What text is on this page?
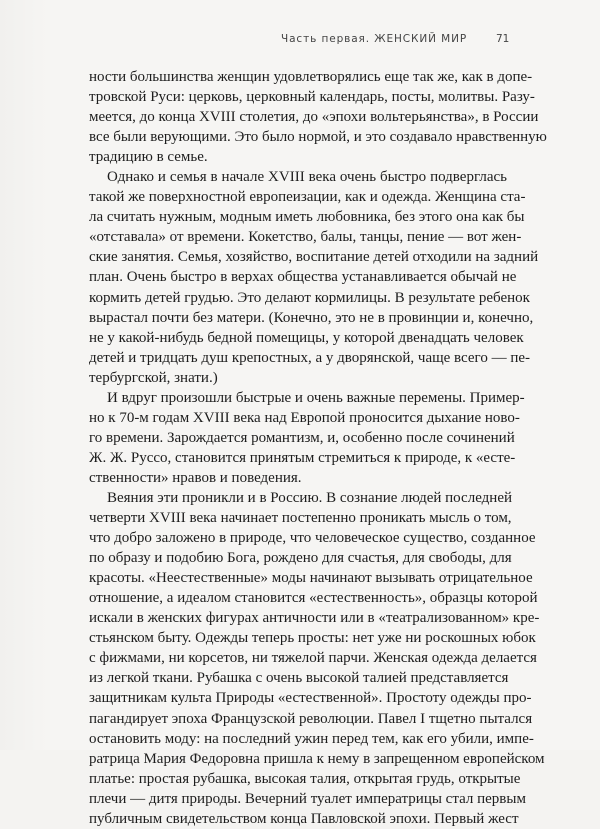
Часть первая. ЖЕНСКИЙ МИР	71
ности большинства женщин удовлетворялись еще так же, как в допе-
тровской Руси: церковь, церковный календарь, посты, молитвы. Разу-
меется, до конца XVIII столетия, до «эпохи вольтерьянства», в России
все были верующими. Это было нормой, и это создавало нравственную
традицию в семье.
Однако и семья в начале XVIII века очень быстро подверглась
такой же поверхностной европеизации, как и одежда. Женщина ста-
ла считать нужным, модным иметь любовника, без этого она как бы
«отставала» от времени. Кокетство, балы, танцы, пение — вот жен-
ские занятия. Семья, хозяйство, воспитание детей отходили на задний
план. Очень быстро в верхах общества устанавливается обычай не
кормить детей грудью. Это делают кормилицы. В результате ребенок
вырастал почти без матери. (Конечно, это не в провинции и, конечно,
не у какой-нибудь бедной помещицы, у которой двенадцать человек
детей и тридцать душ крепостных, а у дворянской, чаще всего — пе-
тербургской, знати.)
И вдруг произошли быстрые и очень важные перемены. Пример-
но к 70-м годам XVIII века над Европой проносится дыхание ново-
го времени. Зарождается романтизм, и, особенно после сочинений
Ж. Ж. Руссо, становится принятым стремиться к природе, к «есте-
ственности» нравов и поведения.
Веяния эти проникли и в Россию. В сознание людей последней
четверти XVIII века начинает постепенно проникать мысль о том,
что добро заложено в природе, что человеческое существо, созданное
по образу и подобию Бога, рождено для счастья, для свободы, для
красоты. «Неестественные» моды начинают вызывать отрицательное
отношение, а идеалом становится «естественность», образцы которой
искали в женских фигурах античности или в «театрализованном» кре-
стьянском быту. Одежды теперь просты: нет уже ни роскошных юбок
с фижмами, ни корсетов, ни тяжелой парчи. Женская одежда делается
из легкой ткани. Рубашка с очень высокой талией представляется
защитникам культа Природы «естественной». Простоту одежды про-
пагандирует эпоха Французской революции. Павел I тщетно пытался
остановить моду: на последний ужин перед тем, как его убили, импе-
ратрица Мария Федоровна пришла к нему в запрещенном европейском
платье: простая рубашка, высокая талия, открытая грудь, открытые
плечи — дитя природы. Вечерний туалет императрицы стал первым
публичным свидетельством конца Павловской эпохи. Первый жест
